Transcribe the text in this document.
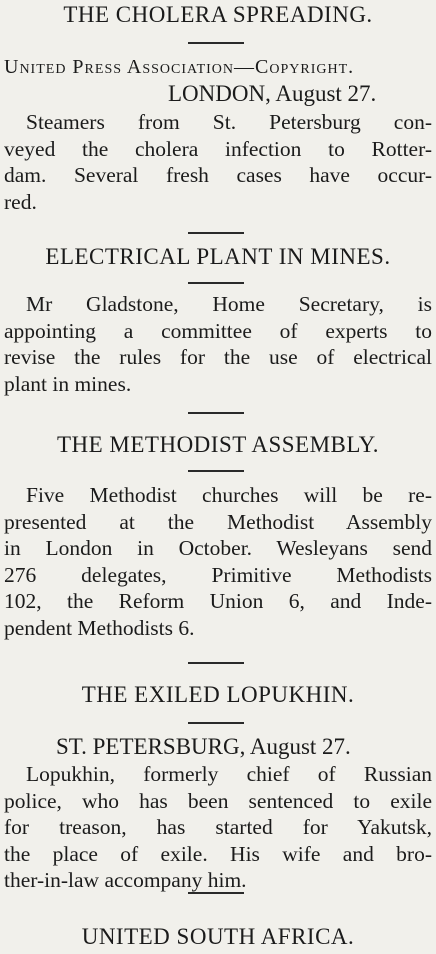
THE CHOLERA SPREADING.
United Press Association—Copyright.
LONDON, August 27.
Steamers from St. Petersburg con-
veyed the cholera infection to Rotter-
dam. Several fresh cases have occur-
red.
ELECTRICAL PLANT IN MINES.
Mr Gladstone, Home Secretary, is
appointing a committee of experts to
revise the rules for the use of electrical
plant in mines.
THE METHODIST ASSEMBLY.
Five Methodist churches will be re-
presented at the Methodist Assembly
in London in October. Wesleyans send
276 delegates, Primitive Methodists
102, the Reform Union 6, and Inde-
pendent Methodists 6.
THE EXILED LOPUKHIN.
ST. PETERSBURG, August 27.
Lopukhin, formerly chief of Russian
police, who has been sentenced to exile
for treason, has started for Yakutsk,
the place of exile. His wife and bro-
ther-in-law accompany him.
UNITED SOUTH AFRICA.
